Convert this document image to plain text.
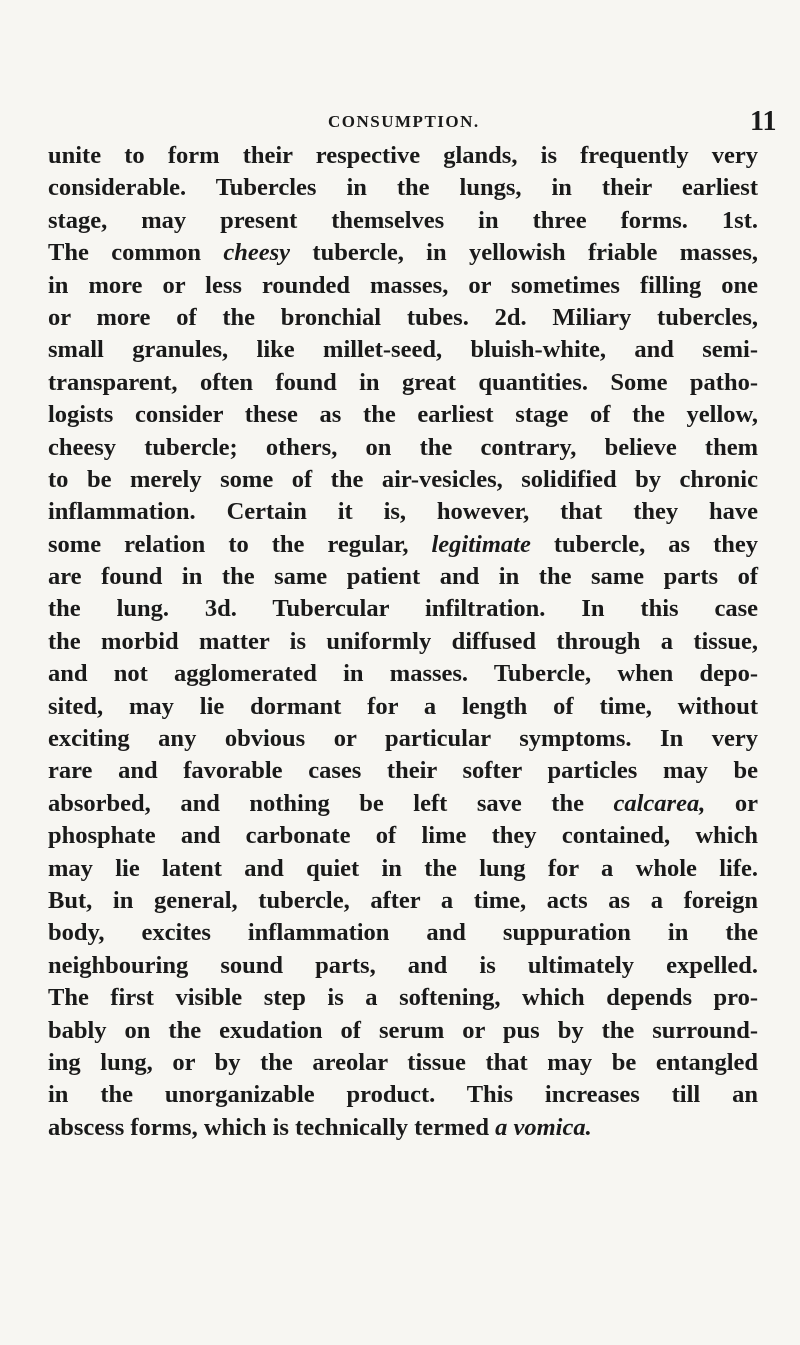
CONSUMPTION.	11
unite to form their respective glands, is frequently very
considerable. Tubercles in the lungs, in their earliest
stage, may present themselves in three forms. 1st.
The common cheesy tubercle, in yellowish friable masses,
in more or less rounded masses, or sometimes filling one
or more of the bronchial tubes. 2d. Miliary tubercles,
small granules, like millet-seed, bluish-white, and semi-
transparent, often found in great quantities. Some patho-
logists consider these as the earliest stage of the yellow,
cheesy tubercle; others, on the contrary, believe them
to be merely some of the air-vesicles, solidified by chronic
inflammation. Certain it is, however, that they have
some relation to the regular, legitimate tubercle, as they
are found in the same patient and in the same parts of
the lung. 3d. Tubercular infiltration. In this case
the morbid matter is uniformly diffused through a tissue,
and not agglomerated in masses. Tubercle, when depo-
sited, may lie dormant for a length of time, without
exciting any obvious or particular symptoms. In very
rare and favorable cases their softer particles may be
absorbed, and nothing be left save the calcarea, or
phosphate and carbonate of lime they contained, which
may lie latent and quiet in the lung for a whole life.
But, in general, tubercle, after a time, acts as a foreign
body, excites inflammation and suppuration in the
neighbouring sound parts, and is ultimately expelled.
The first visible step is a softening, which depends pro-
bably on the exudation of serum or pus by the surround-
ing lung, or by the areolar tissue that may be entangled
in the unorganizable product. This increases till an
abscess forms, which is technically termed a vomica.
